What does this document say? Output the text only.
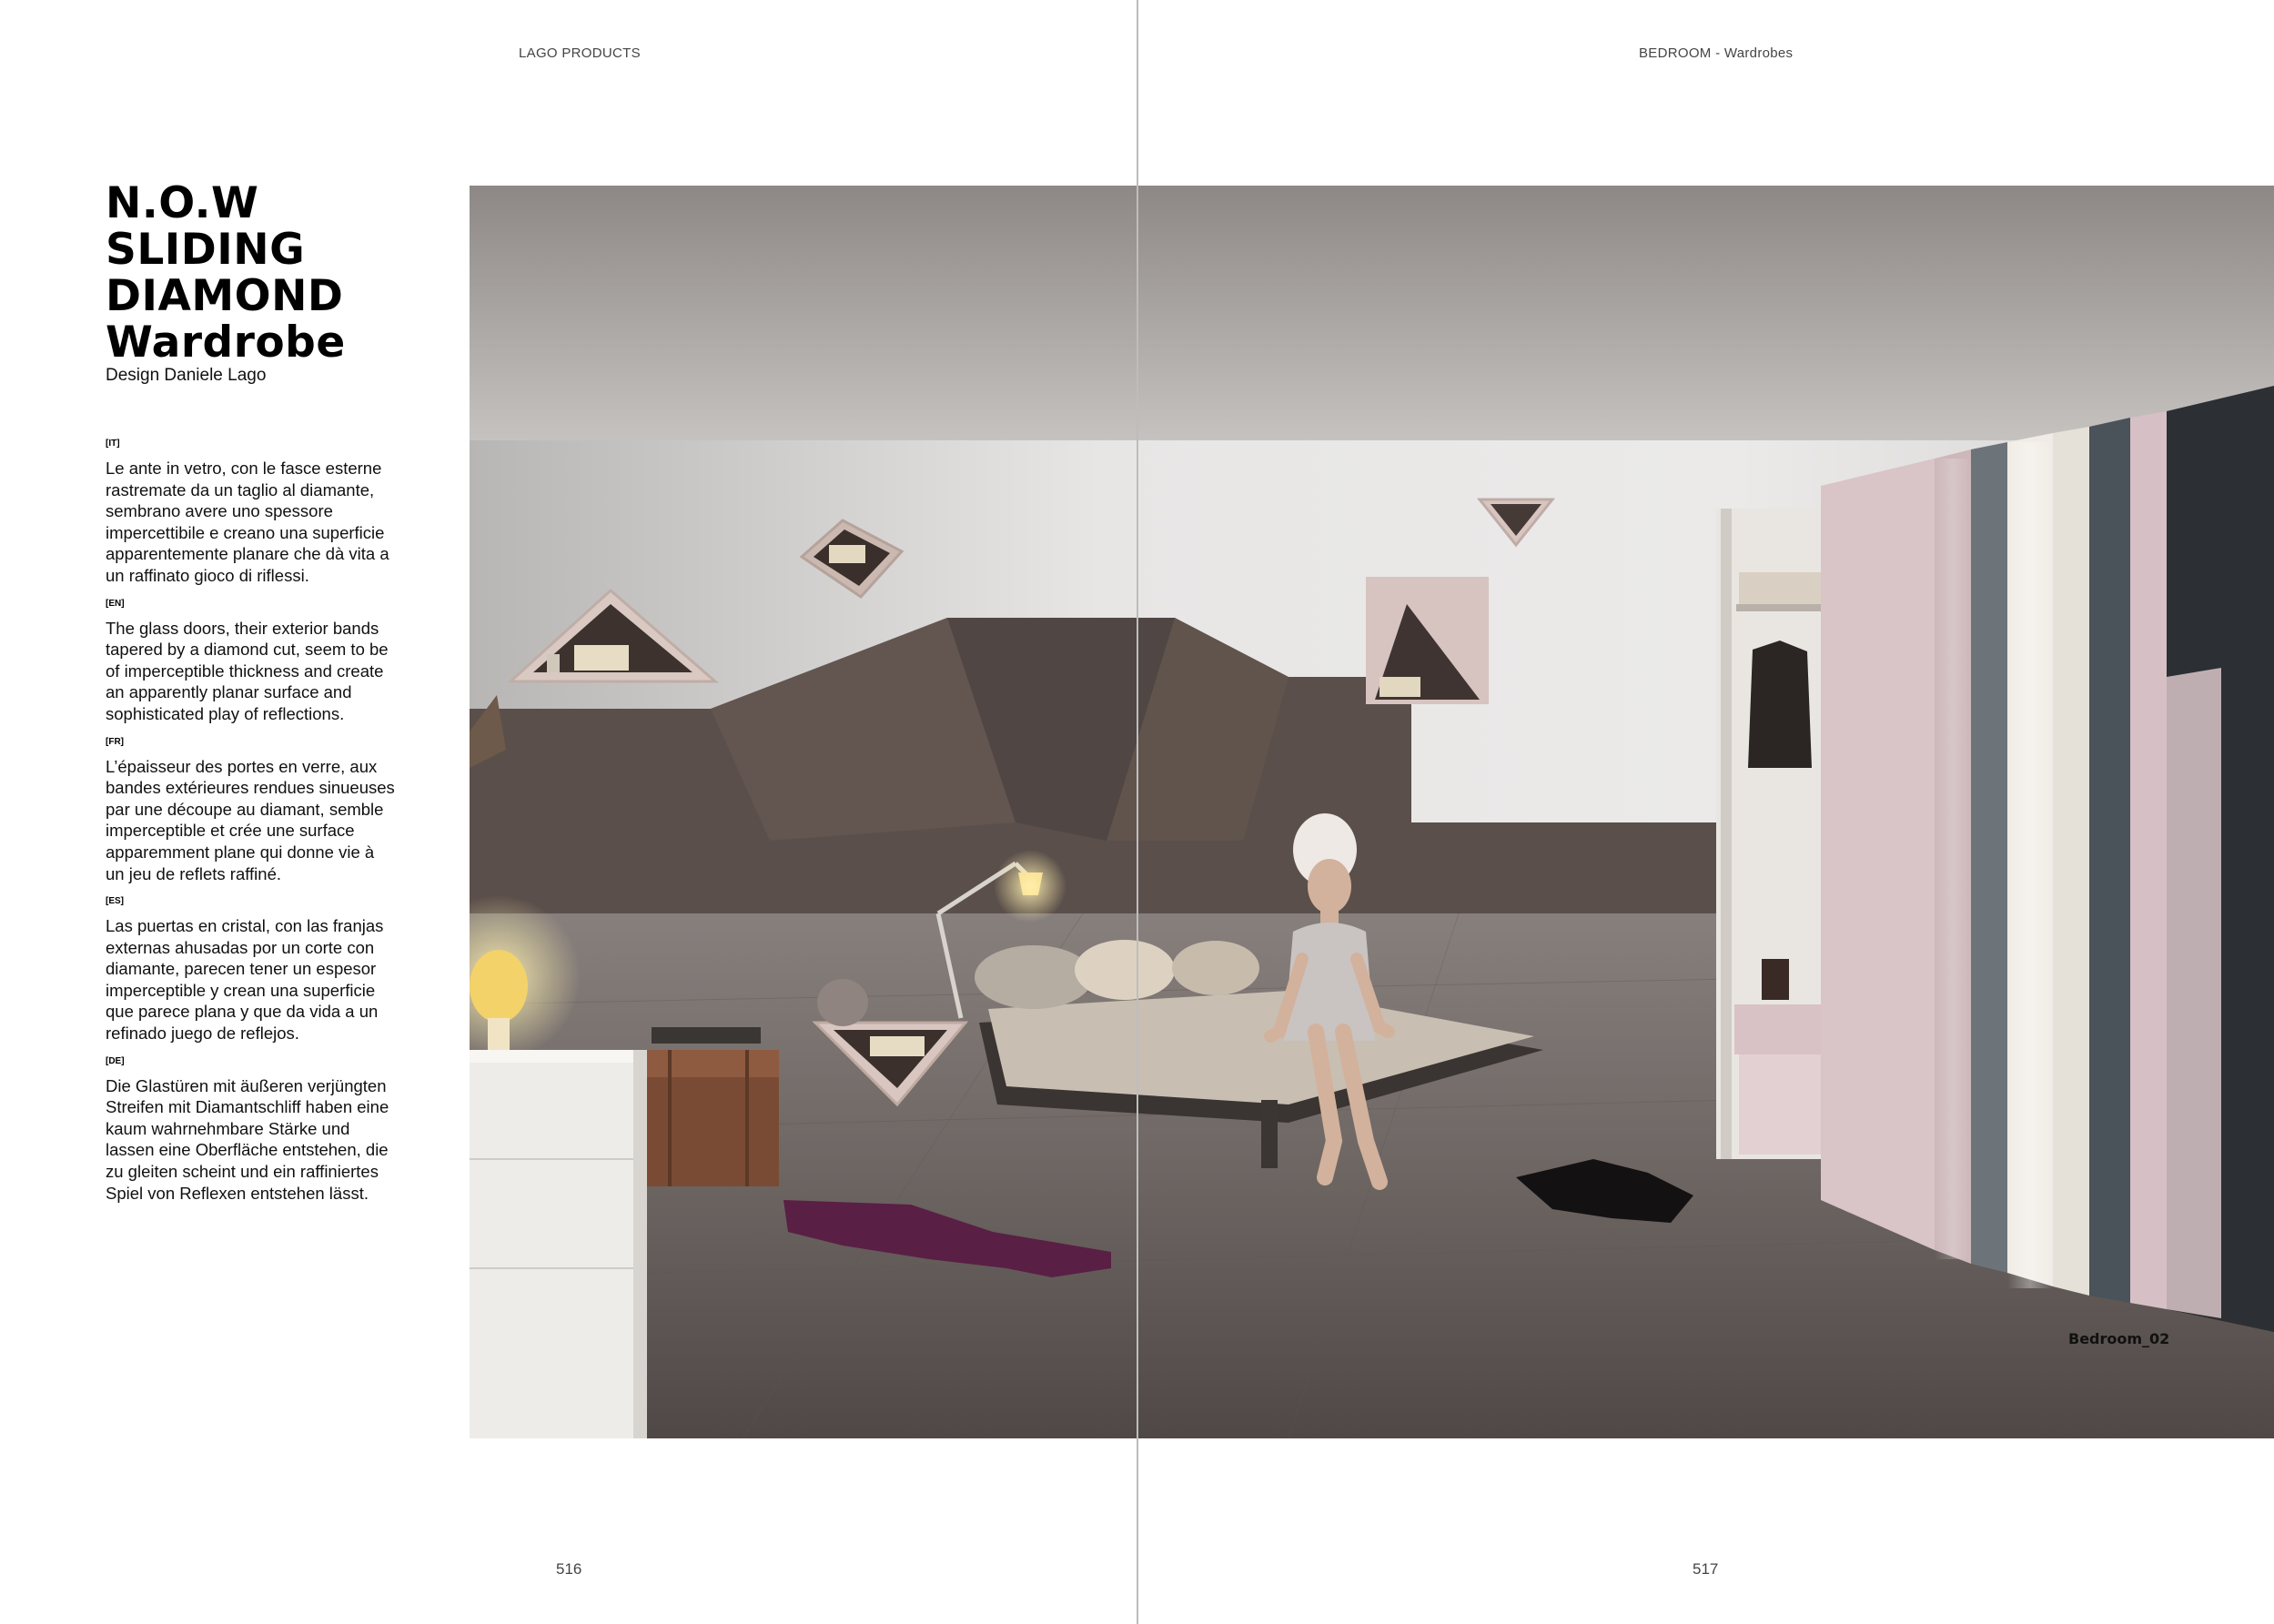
LAGO PRODUCTS	BEDROOM - Wardrobes
N.O.W
SLIDING
DIAMOND
Wardrobe
Design Daniele Lago
[IT]

Le ante in vetro, con le fasce esterne rastremate da un taglio al diamante, sembrano avere uno spessore impercettibile e creano una superficie apparentemente planare che dà vita a un raffinato gioco di riflessi.

[EN]

The glass doors, their exterior bands tapered by a diamond cut, seem to be of imperceptible thickness and create an apparently planar surface and sophisticated play of reflections.

[FR]

L’épaisseur des portes en verre, aux bandes extérieures rendues sinueuses par une découpe au diamant, semble imperceptible et crée une surface apparemment plane qui donne vie à un jeu de reflets raffiné.

[ES]

Las puertas en cristal, con las franjas externas ahusadas por un corte con diamante, parecen tener un espesor imperceptible y crean una superficie que parece plana y que da vida a un refinado juego de reflejos.

[DE]

Die Glastüren mit äußeren verjüngten Streifen mit Diamantschliff haben eine kaum wahrnehmbare Stärke und lassen eine Oberfläche entstehen, die zu gleiten scheint und ein raffiniertes Spiel von Reflexen entstehen lässt.

Bedroom_02
516	517
